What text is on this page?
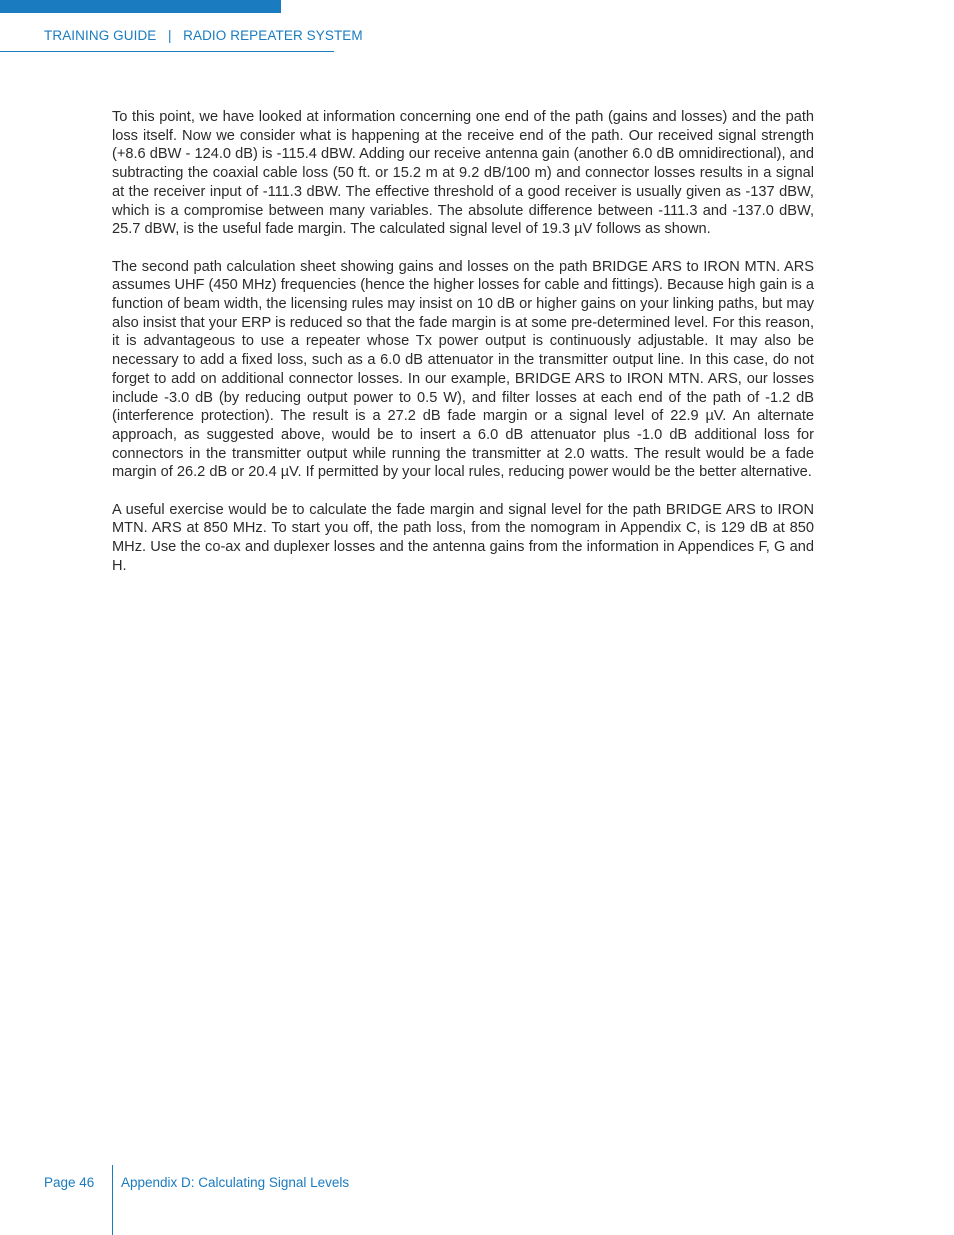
TRAINING GUIDE   |   RADIO REPEATER SYSTEM

To this point, we have looked at information concerning one end of the path (gains and losses) and the path loss itself. Now we consider what is happening at the receive end of the path. Our received signal strength (+8.6 dBW - 124.0 dB) is -115.4 dBW. Adding our receive antenna gain (another 6.0 dB omnidirectional), and subtracting the coaxial cable loss (50 ft. or 15.2 m at 9.2 dB/100 m) and connector losses results in a signal at the receiver input of -111.3 dBW. The effective threshold of a good receiver is usually given as -137 dBW, which is a compromise between many variables. The absolute difference between -111.3 and -137.0 dBW, 25.7 dBW, is the useful fade margin. The calculated signal level of 19.3 µV follows as shown.

The second path calculation sheet showing gains and losses on the path BRIDGE ARS to IRON MTN. ARS assumes UHF (450 MHz) frequencies (hence the higher losses for cable and fittings). Because high gain is a function of beam width, the licensing rules may insist on 10 dB or higher gains on your linking paths, but may also insist that your ERP is reduced so that the fade margin is at some pre-determined level. For this reason, it is advantageous to use a repeater whose Tx power output is continuously adjustable. It may also be necessary to add a fixed loss, such as a 6.0 dB attenuator in the transmitter output line. In this case, do not forget to add on additional connector losses. In our example, BRIDGE ARS to IRON MTN. ARS, our losses include -3.0 dB (by reducing output power to 0.5 W), and filter losses at each end of the path of -1.2 dB (interference protection). The result is a 27.2 dB fade margin or a signal level of 22.9 µV. An alternate approach, as suggested above, would be to insert a 6.0 dB attenuator plus -1.0 dB additional loss for connectors in the transmitter output while running the transmitter at 2.0 watts. The result would be a fade margin of 26.2 dB or 20.4 µV. If permitted by your local rules, reducing power would be the better alternative.

A useful exercise would be to calculate the fade margin and signal level for the path BRIDGE ARS to IRON MTN. ARS at 850 MHz. To start you off, the path loss, from the nomogram in Appendix C, is 129 dB at 850 MHz. Use the co-ax and duplexer losses and the antenna gains from the information in Appendices F, G and H.

Page 46 Appendix D: Calculating Signal Levels
